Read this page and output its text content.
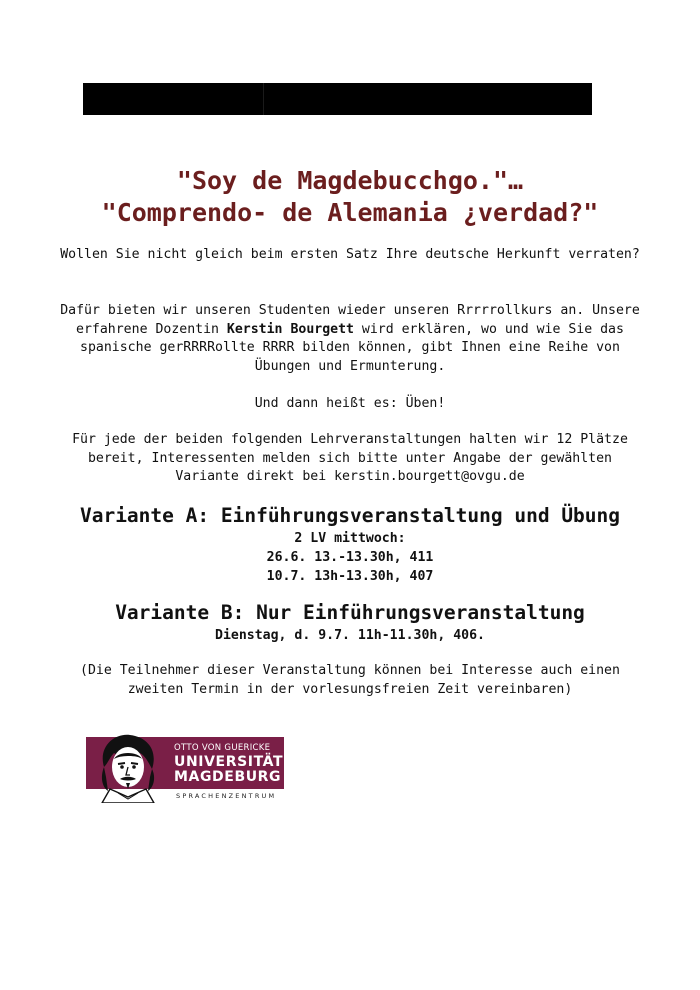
"Soy de Magdebucchgo."…
"Comprendo- de Alemania ¿verdad?"
Wollen Sie nicht gleich beim ersten Satz Ihre deutsche Herkunft verraten?
Dafür bieten wir unseren Studenten wieder unseren Rrrrrollkurs an. Unsere erfahrene Dozentin Kerstin Bourgett wird erklären, wo und wie Sie das spanische gerRRRRollte RRRR bilden können, gibt Ihnen eine Reihe von Übungen und Ermunterung.
Und dann heißt es: Üben!
Für jede der beiden folgenden Lehrveranstaltungen halten wir 12 Plätze bereit, Interessenten melden sich bitte unter Angabe der gewählten Variante direkt bei kerstin.bourgett@ovgu.de
Variante A: Einführungsveranstaltung und Übung
2 LV mittwoch:
26.6. 13.-13.30h, 411
10.7. 13h-13.30h, 407
Variante B: Nur Einführungsveranstaltung
Dienstag, d. 9.7. 11h-11.30h, 406.
(Die Teilnehmer dieser Veranstaltung können bei Interesse auch einen zweiten Termin in der vorlesungsfreien Zeit vereinbaren)
OTTO VON GUERICKE
UNIVERSITÄT
MAGDEBURG
SPRACHENZENTRUM
